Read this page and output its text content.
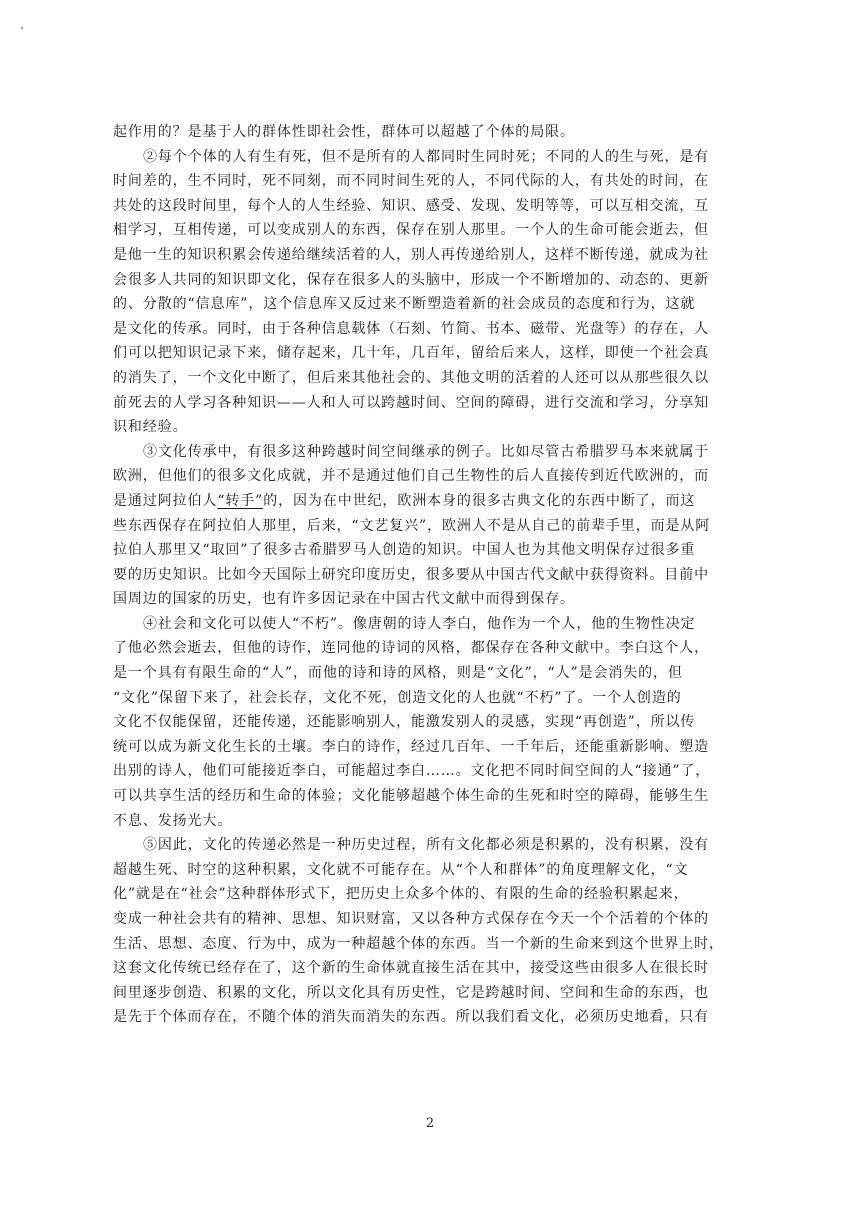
起作用的？是基于人的群体性即社会性，群体可以超越了个体的局限。
②每个个体的人有生有死，但不是所有的人都同时生同时死；不同的人的生与死，是有
时间差的，生不同时，死不同刻，而不同时间生死的人，不同代际的人，有共处的时间，在
共处的这段时间里，每个人的人生经验、知识、感受、发现、发明等等，可以互相交流，互
相学习，互相传递，可以变成别人的东西，保存在别人那里。一个人的生命可能会逝去，但
是他一生的知识积累会传递给继续活着的人，别人再传递给别人，这样不断传递，就成为社
会很多人共同的知识即文化，保存在很多人的头脑中，形成一个不断增加的、动态的、更新
的、分散的“信息库”，这个信息库又反过来不断塑造着新的社会成员的态度和行为，这就
是文化的传承。同时，由于各种信息载体（石刻、竹简、书本、磁带、光盘等）的存在，人
们可以把知识记录下来，储存起来，几十年，几百年，留给后来人，这样，即使一个社会真
的消失了，一个文化中断了，但后来其他社会的、其他文明的活着的人还可以从那些很久以
前死去的人学习各种知识——人和人可以跨越时间、空间的障碍，进行交流和学习，分享知
识和经验。
③文化传承中，有很多这种跨越时间空间继承的例子。比如尽管古希腊罗马本来就属于
欧洲，但他们的很多文化成就，并不是通过他们自己生物性的后人直接传到近代欧洲的，而
是通过阿拉伯人“转手”的，因为在中世纪，欧洲本身的很多古典文化的东西中断了，而这
些东西保存在阿拉伯人那里，后来，“文艺复兴”，欧洲人不是从自己的前辈手里，而是从阿
拉伯人那里又“取回”了很多古希腊罗马人创造的知识。中国人也为其他文明保存过很多重
要的历史知识。比如今天国际上研究印度历史，很多要从中国古代文献中获得资料。目前中
国周边的国家的历史，也有许多因记录在中国古代文献中而得到保存。
④社会和文化可以使人“不朽”。像唐朝的诗人李白，他作为一个人，他的生物性决定
了他必然会逝去，但他的诗作，连同他的诗词的风格，都保存在各种文献中。李白这个人，
是一个具有有限生命的“人”，而他的诗和诗的风格，则是“文化”，“人”是会消失的，但
“文化”保留下来了，社会长存，文化不死，创造文化的人也就“不朽”了。一个人创造的
文化不仅能保留，还能传递，还能影响别人，能激发别人的灵感，实现“再创造”，所以传
统可以成为新文化生长的土壤。李白的诗作，经过几百年、一千年后，还能重新影响、塑造
出别的诗人，他们可能接近李白，可能超过李白……。文化把不同时间空间的人“接通”了，
可以共享生活的经历和生命的体验；文化能够超越个体生命的生死和时空的障碍，能够生生
不息、发扬光大。
⑤因此，文化的传递必然是一种历史过程，所有文化都必须是积累的，没有积累，没有
超越生死、时空的这种积累，文化就不可能存在。从“个人和群体”的角度理解文化，“文
化”就是在“社会”这种群体形式下，把历史上众多个体的、有限的生命的经验积累起来，
变成一种社会共有的精神、思想、知识财富，又以各种方式保存在今天一个个活着的个体的
生活、思想、态度、行为中，成为一种超越个体的东西。当一个新的生命来到这个世界上时，
这套文化传统已经存在了，这个新的生命体就直接生活在其中，接受这些由很多人在很长时
间里逐步创造、积累的文化，所以文化具有历史性，它是跨越时间、空间和生命的东西，也
是先于个体而存在，不随个体的消失而消失的东西。所以我们看文化，必须历史地看，只有
2
